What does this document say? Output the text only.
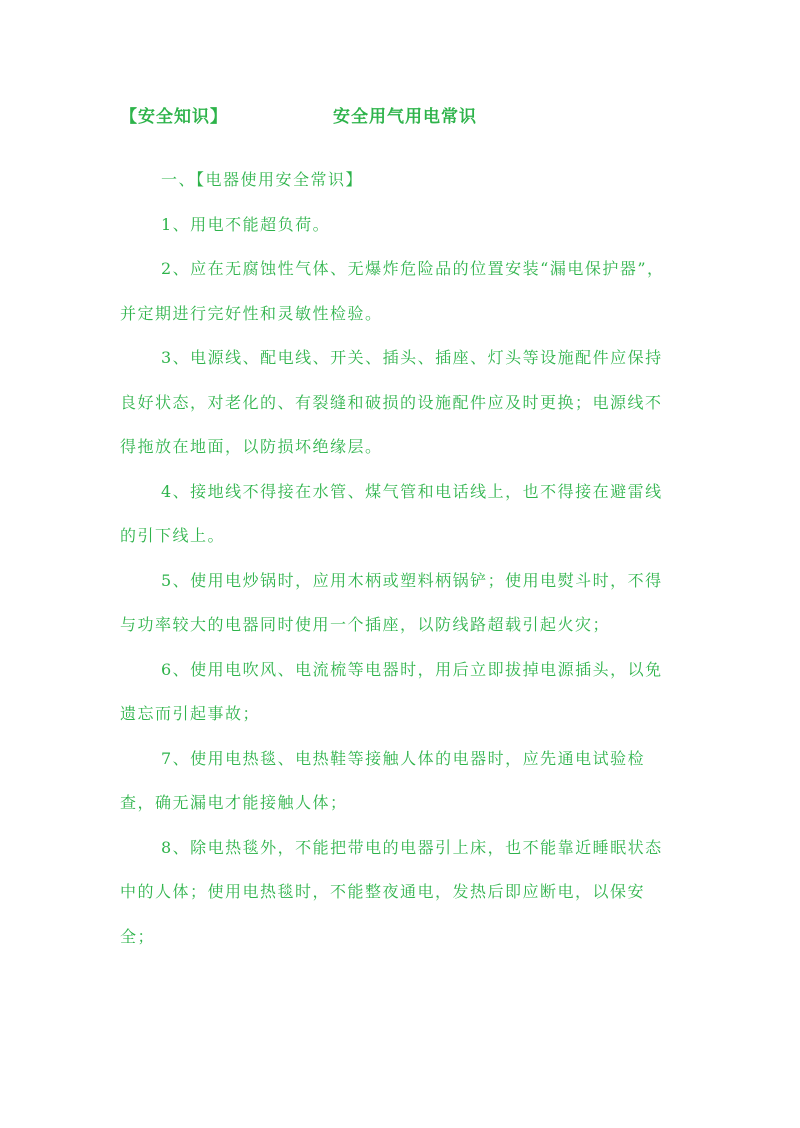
【安全知识】	安全用气用电常识

一、【电器使用安全常识】

1、用电不能超负荷。

2、应在无腐蚀性气体、无爆炸危险品的位置安装“漏电保护器”，并定期进行完好性和灵敏性检验。

3、电源线、配电线、开关、插头、插座、灯头等设施配件应保持良好状态，对老化的、有裂缝和破损的设施配件应及时更换；电源线不得拖放在地面，以防损坏绝缘层。

4、接地线不得接在水管、煤气管和电话线上，也不得接在避雷线的引下线上。

5、使用电炒锅时，应用木柄或塑料柄锅铲；使用电熨斗时，不得与功率较大的电器同时使用一个插座，以防线路超载引起火灾；

6、使用电吹风、电流梳等电器时，用后立即拔掉电源插头，以免遗忘而引起事故；

7、使用电热毯、电热鞋等接触人体的电器时，应先通电试验检查，确无漏电才能接触人体；

8、除电热毯外，不能把带电的电器引上床，也不能靠近睡眠状态中的人体；使用电热毯时，不能整夜通电，发热后即应断电，以保安全；
